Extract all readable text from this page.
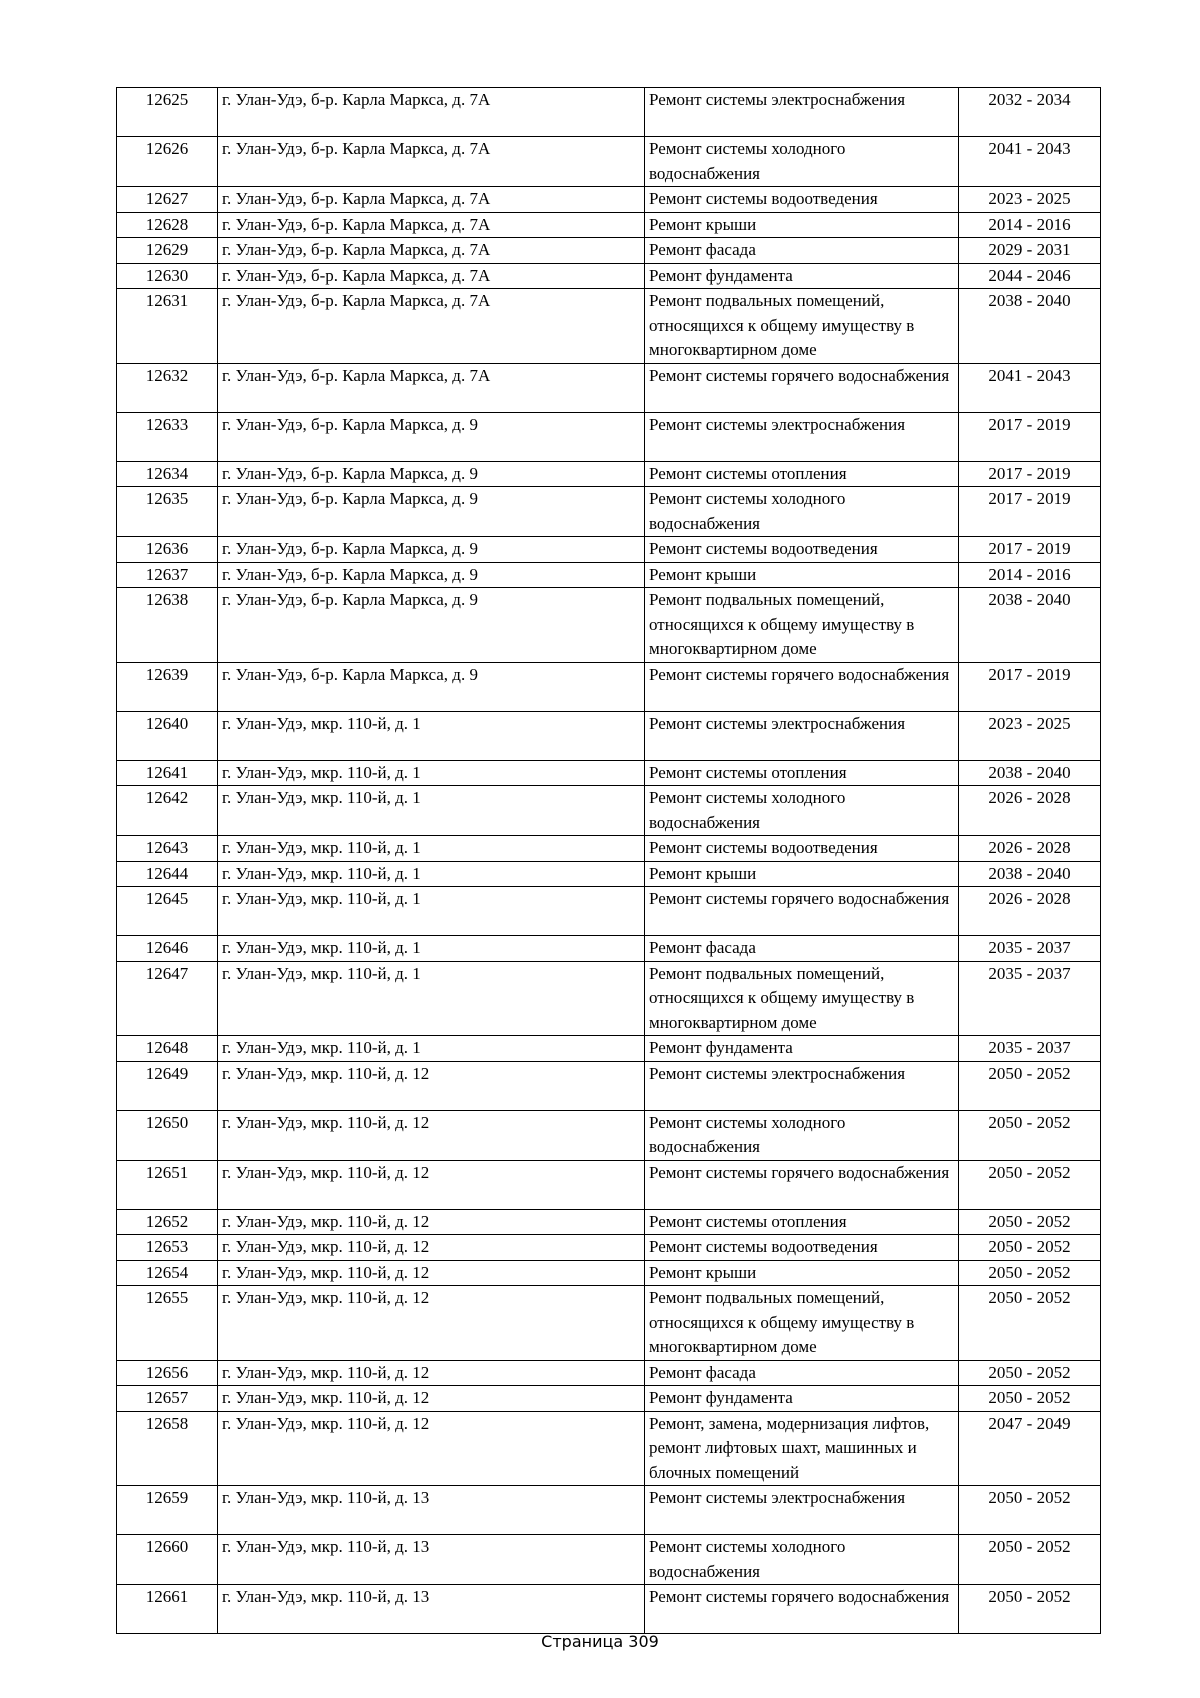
12625	г. Улан-Удэ, б-р. Карла Маркса, д. 7А	Ремонт системы электроснабжения	2032 - 2034
12626	г. Улан-Удэ, б-р. Карла Маркса, д. 7А	Ремонт системы холодного водоснабжения	2041 - 2043
12627	г. Улан-Удэ, б-р. Карла Маркса, д. 7А	Ремонт системы водоотведения	2023 - 2025
12628	г. Улан-Удэ, б-р. Карла Маркса, д. 7А	Ремонт крыши	2014 - 2016
12629	г. Улан-Удэ, б-р. Карла Маркса, д. 7А	Ремонт фасада	2029 - 2031
12630	г. Улан-Удэ, б-р. Карла Маркса, д. 7А	Ремонт фундамента	2044 - 2046
12631	г. Улан-Удэ, б-р. Карла Маркса, д. 7А	Ремонт подвальных помещений, относящихся к общему имуществу в многоквартирном доме	2038 - 2040
12632	г. Улан-Удэ, б-р. Карла Маркса, д. 7А	Ремонт системы горячего водоснабжения	2041 - 2043
12633	г. Улан-Удэ, б-р. Карла Маркса, д. 9	Ремонт системы электроснабжения	2017 - 2019
12634	г. Улан-Удэ, б-р. Карла Маркса, д. 9	Ремонт системы отопления	2017 - 2019
12635	г. Улан-Удэ, б-р. Карла Маркса, д. 9	Ремонт системы холодного водоснабжения	2017 - 2019
12636	г. Улан-Удэ, б-р. Карла Маркса, д. 9	Ремонт системы водоотведения	2017 - 2019
12637	г. Улан-Удэ, б-р. Карла Маркса, д. 9	Ремонт крыши	2014 - 2016
12638	г. Улан-Удэ, б-р. Карла Маркса, д. 9	Ремонт подвальных помещений, относящихся к общему имуществу в многоквартирном доме	2038 - 2040
12639	г. Улан-Удэ, б-р. Карла Маркса, д. 9	Ремонт системы горячего водоснабжения	2017 - 2019
12640	г. Улан-Удэ, мкр. 110-й, д. 1	Ремонт системы электроснабжения	2023 - 2025
12641	г. Улан-Удэ, мкр. 110-й, д. 1	Ремонт системы отопления	2038 - 2040
12642	г. Улан-Удэ, мкр. 110-й, д. 1	Ремонт системы холодного водоснабжения	2026 - 2028
12643	г. Улан-Удэ, мкр. 110-й, д. 1	Ремонт системы водоотведения	2026 - 2028
12644	г. Улан-Удэ, мкр. 110-й, д. 1	Ремонт крыши	2038 - 2040
12645	г. Улан-Удэ, мкр. 110-й, д. 1	Ремонт системы горячего водоснабжения	2026 - 2028
12646	г. Улан-Удэ, мкр. 110-й, д. 1	Ремонт фасада	2035 - 2037
12647	г. Улан-Удэ, мкр. 110-й, д. 1	Ремонт подвальных помещений, относящихся к общему имуществу в многоквартирном доме	2035 - 2037
12648	г. Улан-Удэ, мкр. 110-й, д. 1	Ремонт фундамента	2035 - 2037
12649	г. Улан-Удэ, мкр. 110-й, д. 12	Ремонт системы электроснабжения	2050 - 2052
12650	г. Улан-Удэ, мкр. 110-й, д. 12	Ремонт системы холодного водоснабжения	2050 - 2052
12651	г. Улан-Удэ, мкр. 110-й, д. 12	Ремонт системы горячего водоснабжения	2050 - 2052
12652	г. Улан-Удэ, мкр. 110-й, д. 12	Ремонт системы отопления	2050 - 2052
12653	г. Улан-Удэ, мкр. 110-й, д. 12	Ремонт системы водоотведения	2050 - 2052
12654	г. Улан-Удэ, мкр. 110-й, д. 12	Ремонт крыши	2050 - 2052
12655	г. Улан-Удэ, мкр. 110-й, д. 12	Ремонт подвальных помещений, относящихся к общему имуществу в многоквартирном доме	2050 - 2052
12656	г. Улан-Удэ, мкр. 110-й, д. 12	Ремонт фасада	2050 - 2052
12657	г. Улан-Удэ, мкр. 110-й, д. 12	Ремонт фундамента	2050 - 2052
12658	г. Улан-Удэ, мкр. 110-й, д. 12	Ремонт, замена, модернизация лифтов, ремонт лифтовых шахт, машинных и блочных помещений	2047 - 2049
12659	г. Улан-Удэ, мкр. 110-й, д. 13	Ремонт системы электроснабжения	2050 - 2052
12660	г. Улан-Удэ, мкр. 110-й, д. 13	Ремонт системы холодного водоснабжения	2050 - 2052
12661	г. Улан-Удэ, мкр. 110-й, д. 13	Ремонт системы горячего водоснабжения	2050 - 2052
Страница 309
